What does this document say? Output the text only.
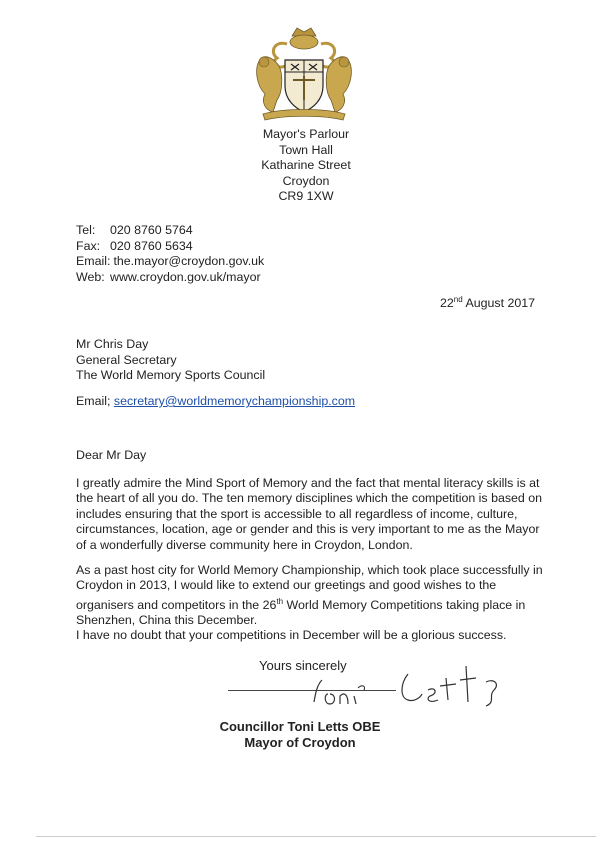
Mayor's Parlour
Town Hall
Katharine Street
Croydon
CR9 1XW
Tel: 020 8760 5764
Fax: 020 8760 5634
Email: the.mayor@croydon.gov.uk
Web: www.croydon.gov.uk/mayor
22nd August 2017
Mr Chris Day
General Secretary
The World Memory Sports Council
Email; secretary@worldmemorychampionship.com
Dear Mr Day
I greatly admire the Mind Sport of Memory and the fact that mental literacy skills is at the heart of all you do. The ten memory disciplines which the competition is based on includes ensuring that the sport is accessible to all regardless of income, culture, circumstances, location, age or gender and this is very important to me as the Mayor of a wonderfully diverse community here in Croydon, London.
As a past host city for World Memory Championship, which took place successfully in Croydon in 2013, I would like to extend our greetings and good wishes to the organisers and competitors in the 26th World Memory Competitions taking place in Shenzhen, China this December.
I have no doubt that your competitions in December will be a glorious success.
Yours sincerely
Councillor Toni Letts OBE
Mayor of Croydon
